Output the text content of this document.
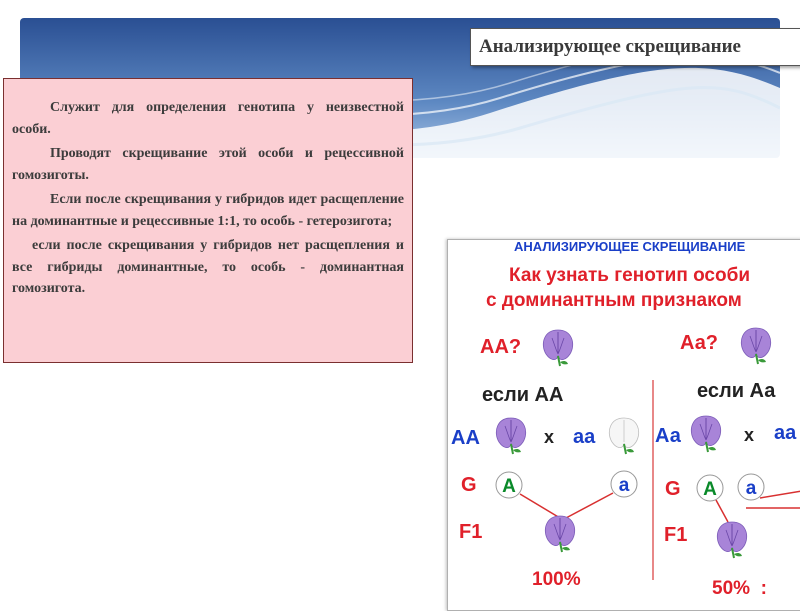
Анализирующее скрещивание

Служит для определения генотипа у неизвестной особи.

Проводят скрещивание этой особи и рецессивной гомозиготы.

Если после скрещивания у гибридов идет расщепление на доминантные и рецессивные 1:1, то особь - гетерозигота;

если после скрещивания у гибридов нет расщепления и все гибриды доминантные, то особь - доминантная гомозигота.

АНАЛИЗИРУЮЩЕЕ СКРЕЩИВАНИЕ
Как узнать генотип особи
с доминантным признаком
АА?
если АА
АА	x аа
G А	а
F1
100%
Аа?
если Аа
Аа	x аа
G А а
F1
50%  :
